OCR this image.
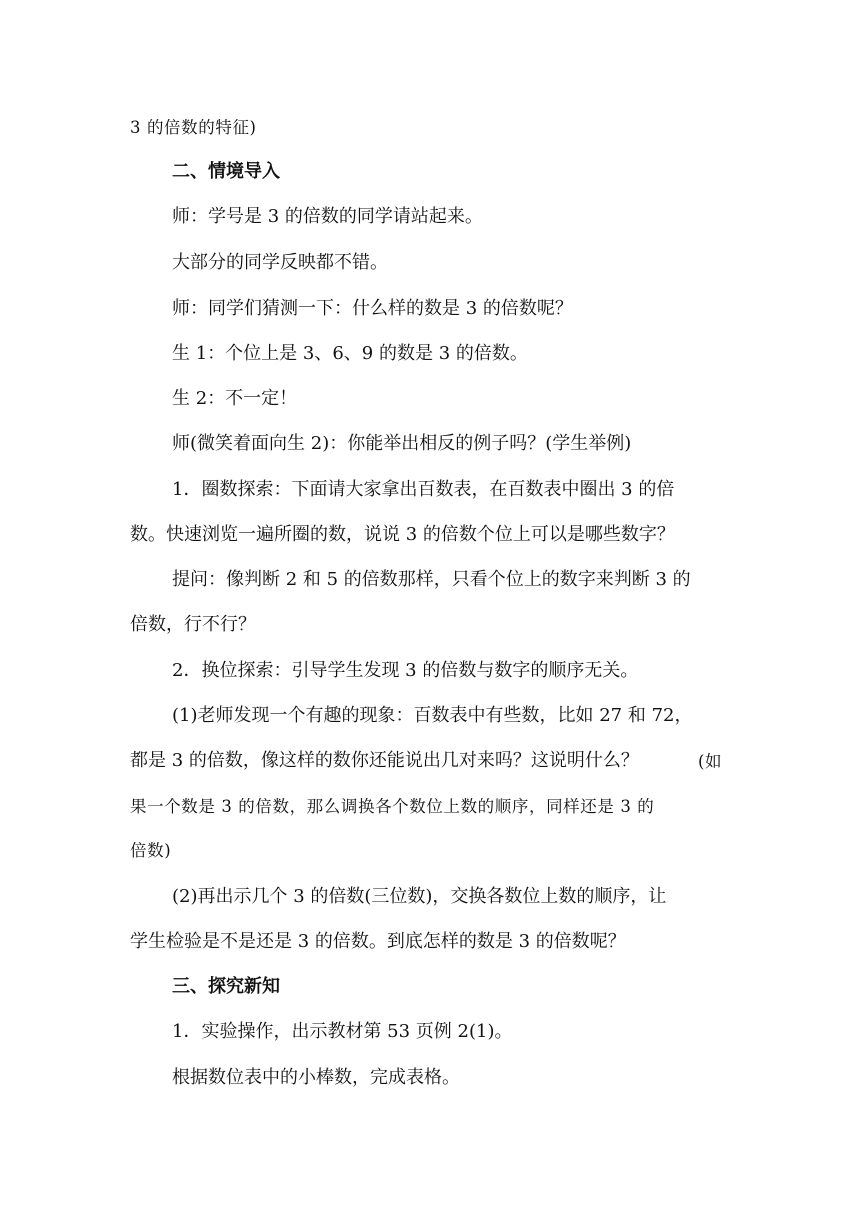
3 的倍数的特征)
二、情境导入
师：学号是 3 的倍数的同学请站起来。
大部分的同学反映都不错。
师：同学们猜测一下：什么样的数是 3 的倍数呢？
生 1：个位上是 3、6、9 的数是 3 的倍数。
生 2：不一定！
师(微笑着面向生 2)：你能举出相反的例子吗？(学生举例)
1．圈数探索：下面请大家拿出百数表，在百数表中圈出 3 的倍
数。快速浏览一遍所圈的数，说说 3 的倍数个位上可以是哪些数字？
提问：像判断 2 和 5 的倍数那样，只看个位上的数字来判断 3 的
倍数，行不行？
2．换位探索：引导学生发现 3 的倍数与数字的顺序无关。
(1)老师发现一个有趣的现象：百数表中有些数，比如 27 和 72，
都是 3 的倍数，像这样的数你还能说出几对来吗？这说明什么？	(如
果一个数是 3 的倍数，那么调换各个数位上数的顺序，同样还是 3 的
倍数)
(2)再出示几个 3 的倍数(三位数)，交换各数位上数的顺序，让
学生检验是不是还是 3 的倍数。到底怎样的数是 3 的倍数呢？
三、探究新知
1．实验操作，出示教材第 53 页例 2(1)。
根据数位表中的小棒数，完成表格。
